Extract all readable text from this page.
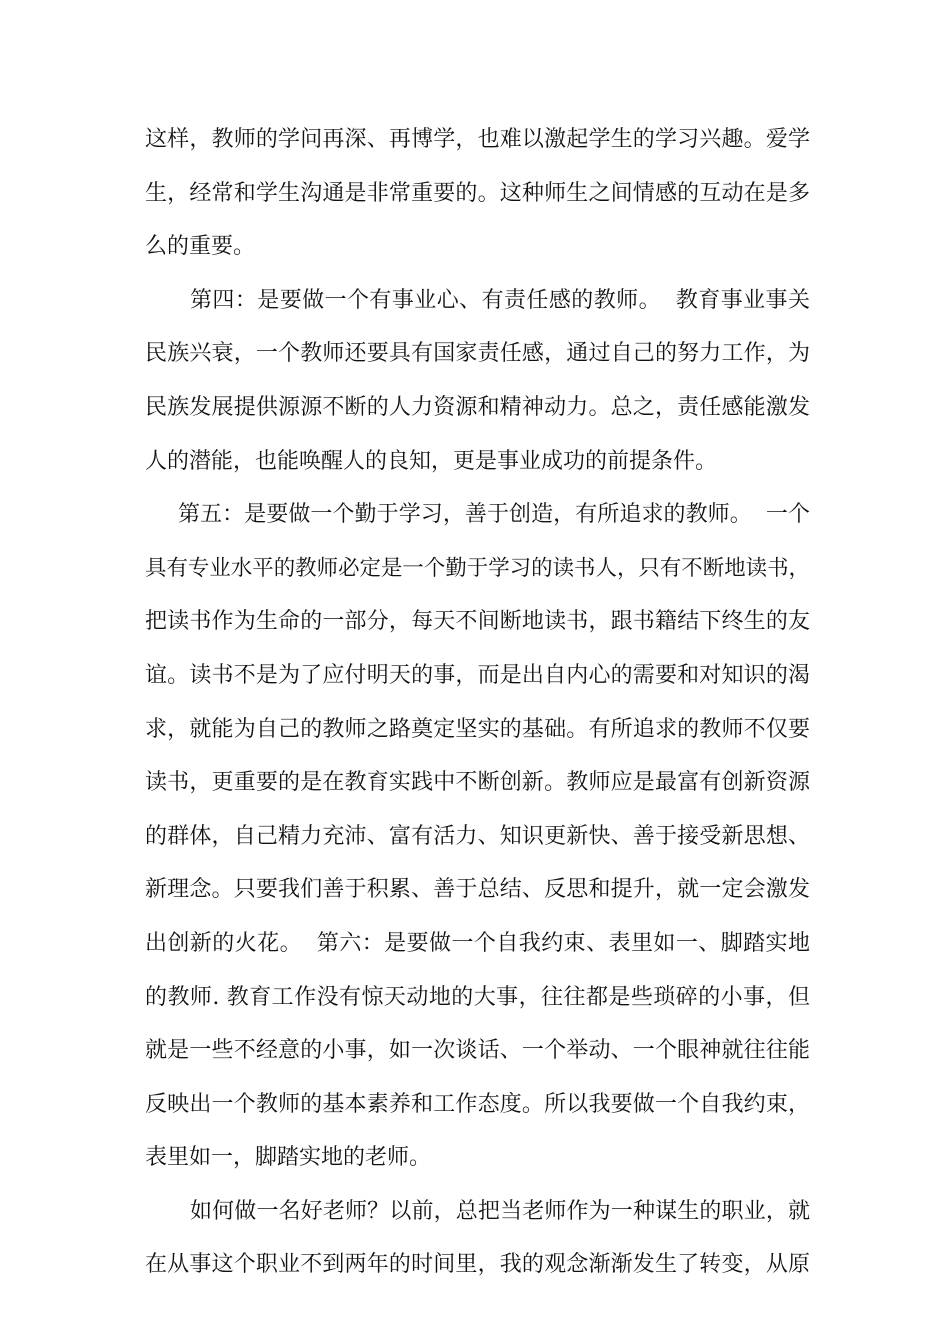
这样，教师的学问再深、再博学，也难以激起学生的学习兴趣。爱学
生，经常和学生沟通是非常重要的。这种师生之间情感的互动在是多
么的重要。
第四：是要做一个有事业心、有责任感的教师。  教育事业事关
民族兴衰，一个教师还要具有国家责任感，通过自己的努力工作，为
民族发展提供源源不断的人力资源和精神动力。总之，责任感能激发
人的潜能，也能唤醒人的良知，更是事业成功的前提条件。
第五：是要做一个勤于学习，善于创造，有所追求的教师。  一个
具有专业水平的教师必定是一个勤于学习的读书人，只有不断地读书，
把读书作为生命的一部分，每天不间断地读书，跟书籍结下终生的友
谊。读书不是为了应付明天的事，而是出自内心的需要和对知识的渴
求，就能为自己的教师之路奠定坚实的基础。有所追求的教师不仅要
读书，更重要的是在教育实践中不断创新。教师应是最富有创新资源
的群体，自己精力充沛、富有活力、知识更新快、善于接受新思想、
新理念。只要我们善于积累、善于总结、反思和提升，就一定会激发
出创新的火花。  第六：是要做一个自我约束、表里如一、脚踏实地
的教师. 教育工作没有惊天动地的大事，往往都是些琐碎的小事，但
就是一些不经意的小事，如一次谈话、一个举动、一个眼神就往往能
反映出一个教师的基本素养和工作态度。所以我要做一个自我约束，
表里如一，脚踏实地的老师。
如何做一名好老师？以前，总把当老师作为一种谋生的职业，就
在从事这个职业不到两年的时间里，我的观念渐渐发生了转变，从原
